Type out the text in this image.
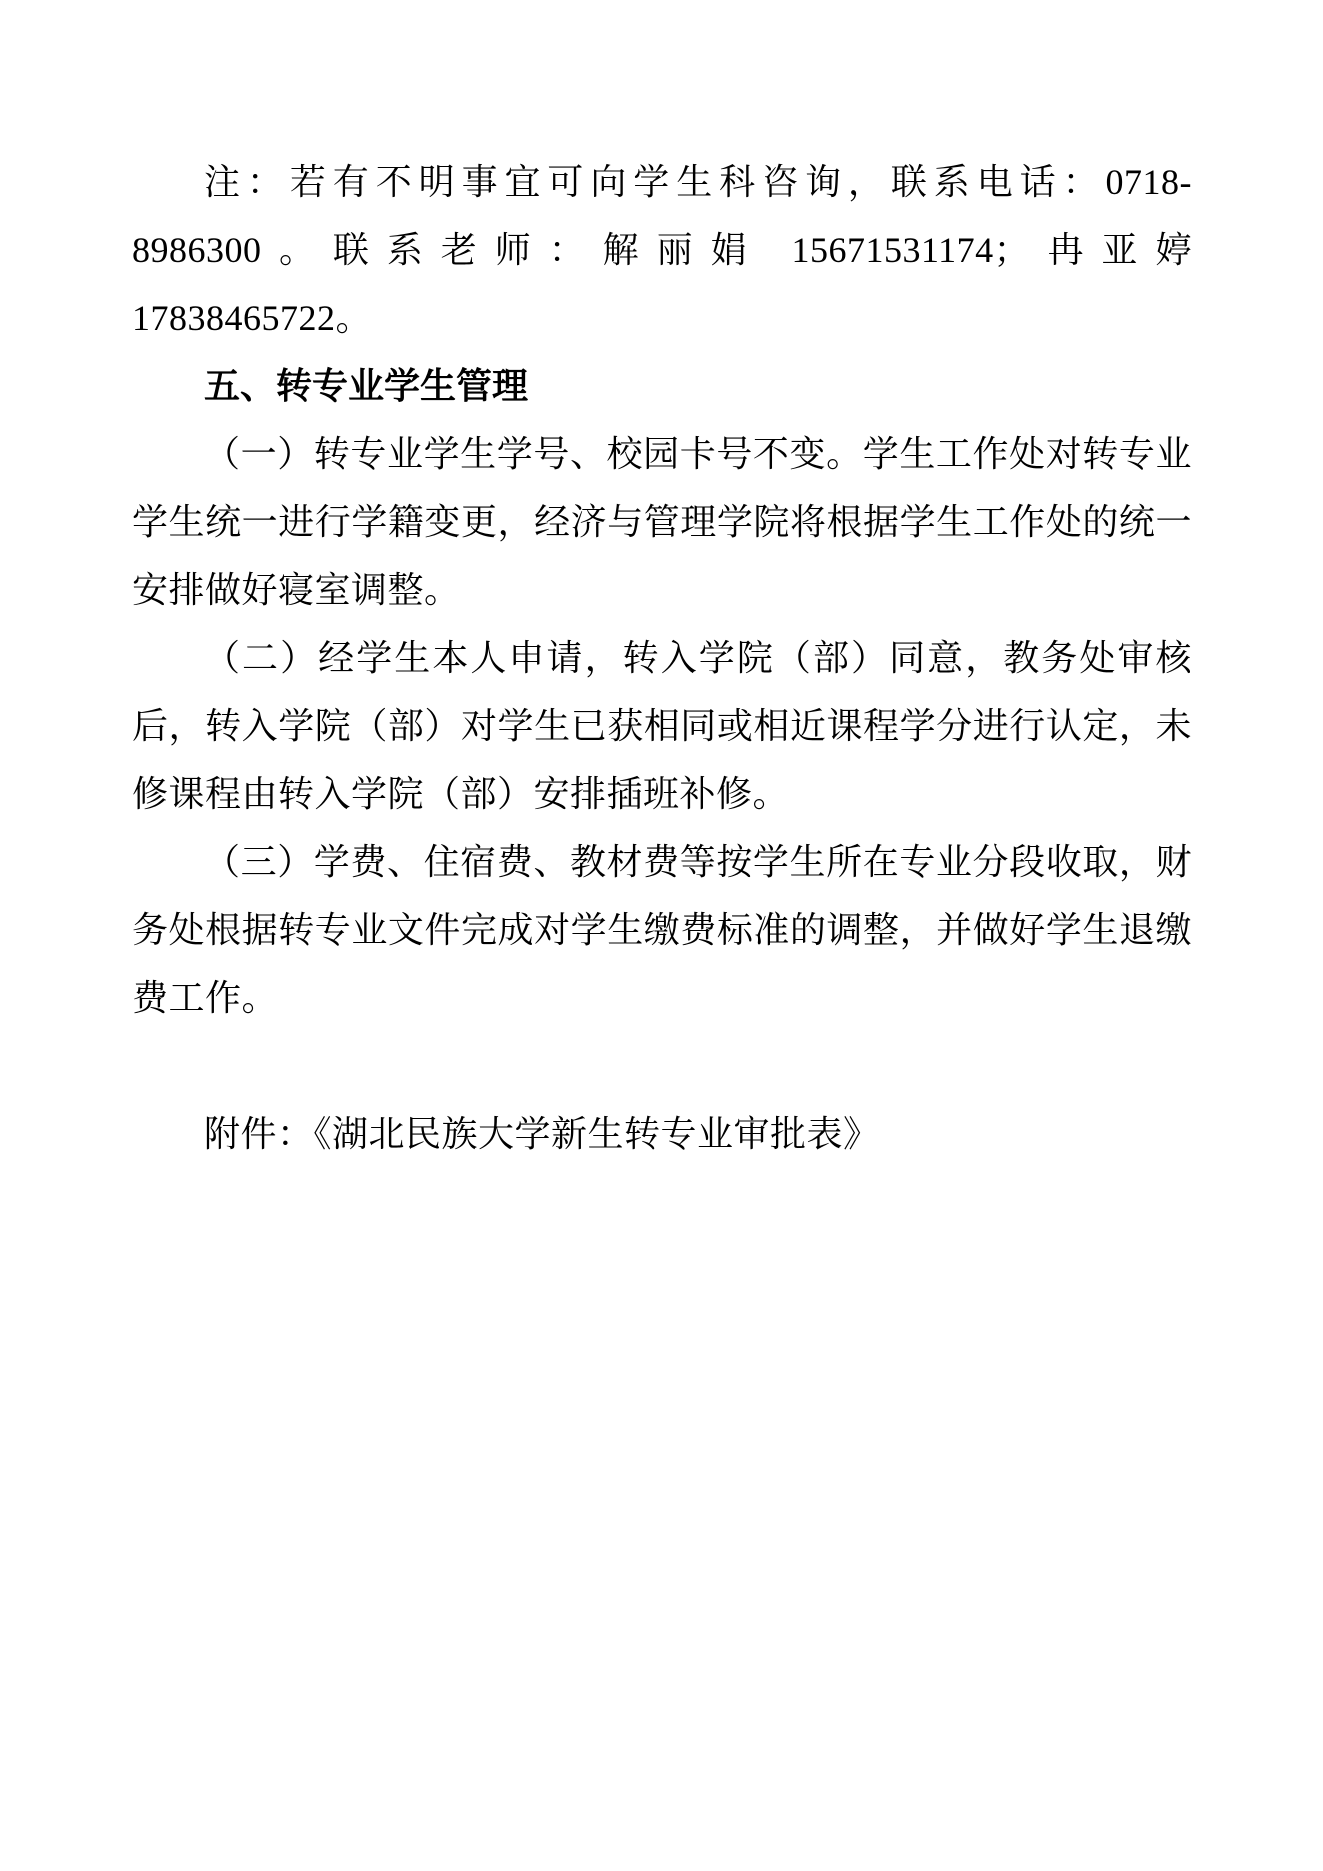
注：若有不明事宜可向学生科咨询，联系电话：0718-8986300。联系老师：解丽娟 15671531174；冉亚婷 17838465722。

五、转专业学生管理

（一）转专业学生学号、校园卡号不变。学生工作处对转专业学生统一进行学籍变更，经济与管理学院将根据学生工作处的统一安排做好寝室调整。

（二）经学生本人申请，转入学院（部）同意，教务处审核后，转入学院（部）对学生已获相同或相近课程学分进行认定，未修课程由转入学院（部）安排插班补修。

（三）学费、住宿费、教材费等按学生所在专业分段收取，财务处根据转专业文件完成对学生缴费标准的调整，并做好学生退缴费工作。

附件：《湖北民族大学新生转专业审批表》
